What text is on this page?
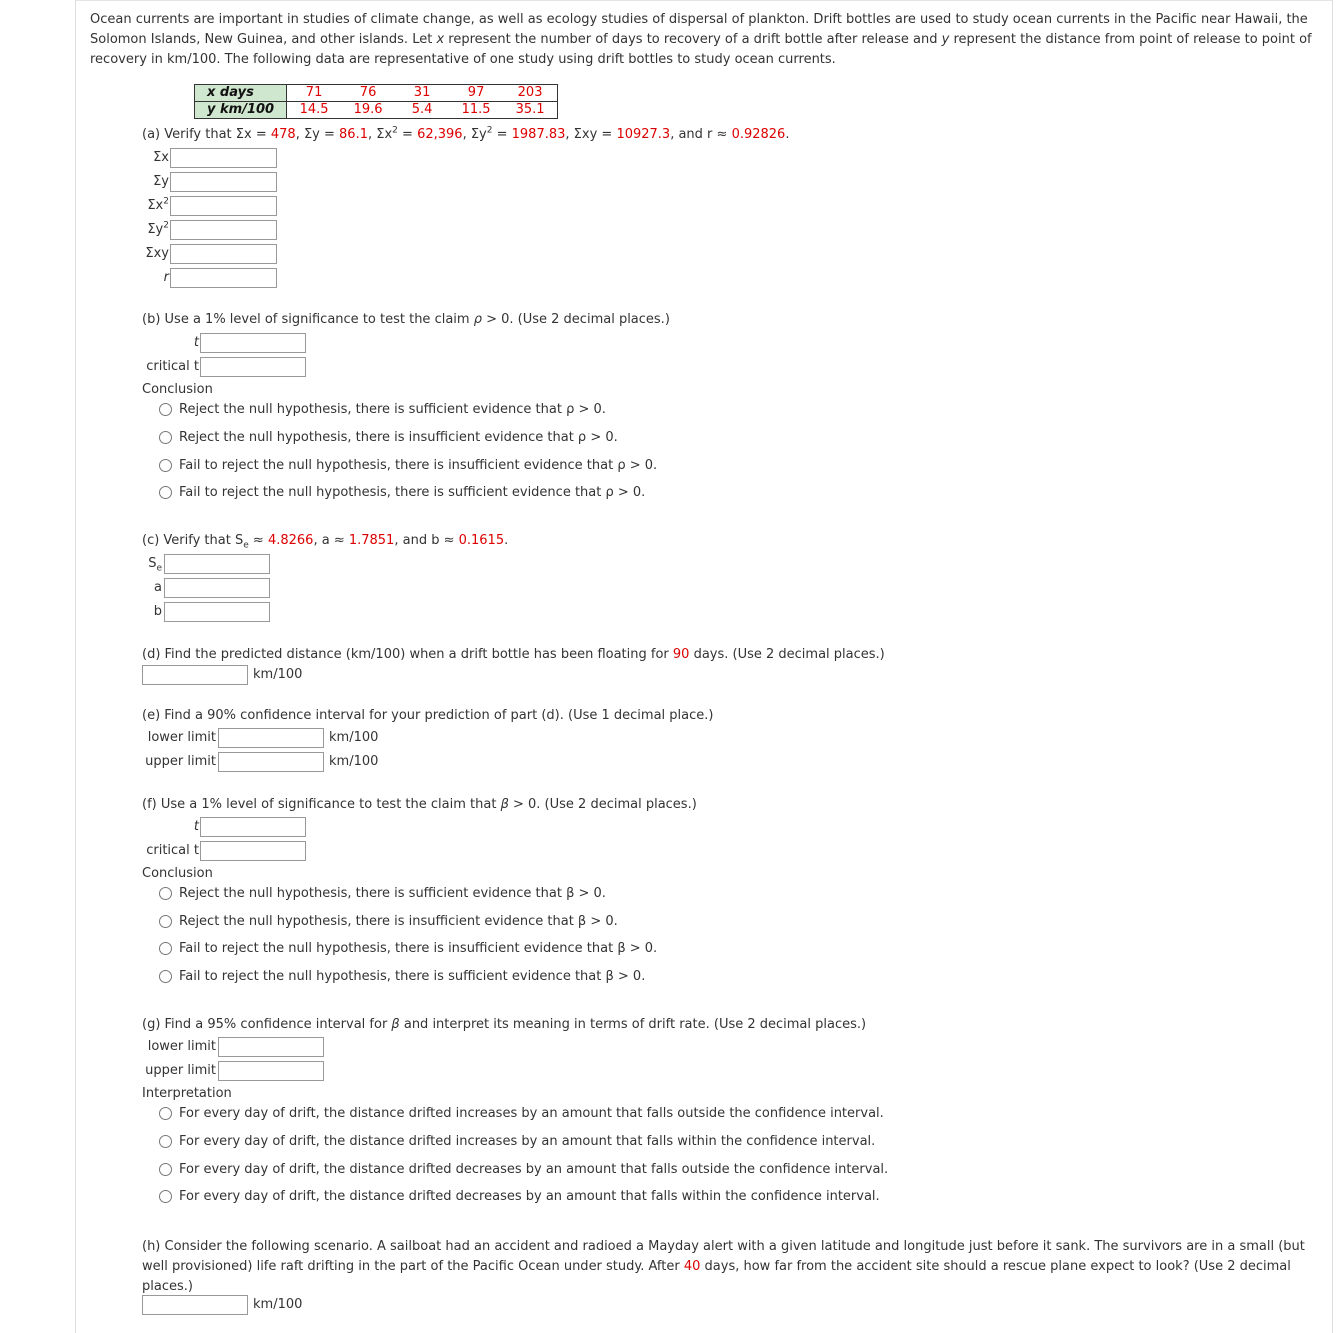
Ocean currents are important in studies of climate change, as well as ecology studies of dispersal of plankton. Drift bottles are used to study ocean currents in the Pacific near Hawaii, the Solomon Islands, New Guinea, and other islands. Let x represent the number of days to recovery of a drift bottle after release and y represent the distance from point of release to point of recovery in km/100. The following data are representative of one study using drift bottles to study ocean currents.
x days	71	76	31	97	203
y km/100	14.5	19.6	5.4	11.5	35.1
(a) Verify that Σx = 478, Σy = 86.1, $\Sigma x^2 = 62,396$, $\Sigma y^2 = 1987.83$, Σxy = 10927.3, and r ≈ 0.92826.
Σx
Σy
$\Sigma x^2$
$\Sigma y^2$
Σxy
r
(b) Use a 1% level of significance to test the claim ρ > 0. (Use 2 decimal places.)
t
critical t
Conclusion
Reject the null hypothesis, there is sufficient evidence that ρ > 0.
Reject the null hypothesis, there is insufficient evidence that ρ > 0.
Fail to reject the null hypothesis, there is insufficient evidence that ρ > 0.
Fail to reject the null hypothesis, there is sufficient evidence that ρ > 0.
(c) Verify that $S_e \approx 4.8266$, a ≈ 1.7851, and b ≈ 0.1615.
$S_e$
a
b
(d) Find the predicted distance (km/100) when a drift bottle has been floating for 90 days. (Use 2 decimal places.)
km/100
(e) Find a 90% confidence interval for your prediction of part (d). (Use 1 decimal place.)
lower limit	km/100
upper limit	km/100
(f) Use a 1% level of significance to test the claim that β > 0. (Use 2 decimal places.)
t
critical t
Conclusion
Reject the null hypothesis, there is sufficient evidence that β > 0.
Reject the null hypothesis, there is insufficient evidence that β > 0.
Fail to reject the null hypothesis, there is insufficient evidence that β > 0.
Fail to reject the null hypothesis, there is sufficient evidence that β > 0.
(g) Find a 95% confidence interval for β and interpret its meaning in terms of drift rate. (Use 2 decimal places.)
lower limit
upper limit
Interpretation
For every day of drift, the distance drifted increases by an amount that falls outside the confidence interval.
For every day of drift, the distance drifted increases by an amount that falls within the confidence interval.
For every day of drift, the distance drifted decreases by an amount that falls outside the confidence interval.
For every day of drift, the distance drifted decreases by an amount that falls within the confidence interval.
(h) Consider the following scenario. A sailboat had an accident and radioed a Mayday alert with a given latitude and longitude just before it sank. The survivors are in a small (but well provisioned) life raft drifting in the part of the Pacific Ocean under study. After 40 days, how far from the accident site should a rescue plane expect to look? (Use 2 decimal places.)
km/100
